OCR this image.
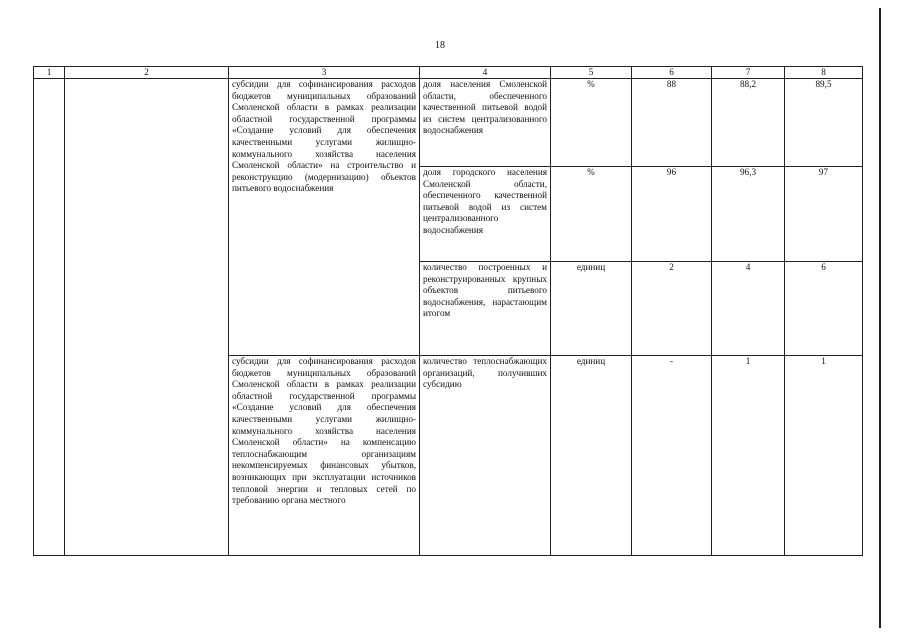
18
1	2	3	4	5	6	7	8
		субсидии для софинансирования расходов бюджетов муниципальных образований Смоленской области в рамках реализации областной государственной программы «Создание условий для обеспечения качественными услугами жилищно-коммунального хозяйства населения Смоленской области» на строительство и реконструкцию (модернизацию) объектов питьевого водоснабжения	доля населения Смоленской области, обеспеченного качественной питьевой водой из систем централизованного водоснабжения	%	88	88,2	89,5
			доля городского населения Смоленской области, обеспеченного качественной питьевой водой из систем централизованного водоснабжения	%	96	96,3	97
			количество построенных и реконструированных крупных объектов питьевого водоснабжения, нарастающим итогом	единиц	2	4	6
		субсидии для софинансирования расходов бюджетов муниципальных образований Смоленской области в рамках реализации областной государственной программы «Создание условий для обеспечения качественными услугами жилищно-коммунального хозяйства населения Смоленской области» на компенсацию теплоснабжающим организациям некомпенсируемых финансовых убытков, возникающих при эксплуатации источников тепловой энергии и тепловых сетей по требованию органа местного	количество теплоснабжающих организаций, получивших субсидию	единиц	-	1	1
